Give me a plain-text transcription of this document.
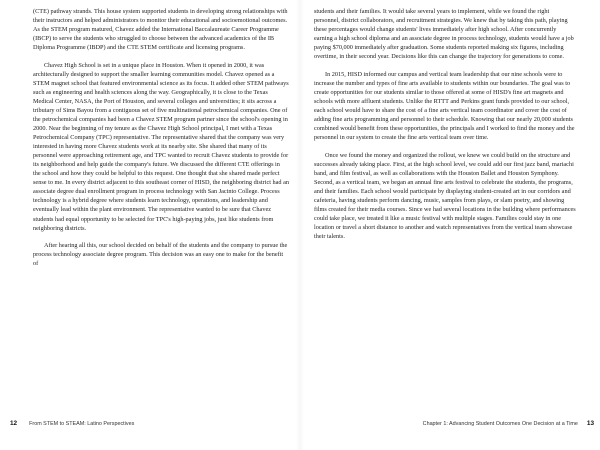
(CTE) pathway strands. This house system supported students in developing strong relationships with their instructors and helped administrators to monitor their educational and socioemotional outcomes. As the STEM program matured, Chavez added the International Baccalaureate Career Programme (IBCP) to serve the students who struggled to choose between the advanced academics of the IB Diploma Programme (IBDP) and the CTE STEM certificate and licensing programs.

Chavez High School is set in a unique place in Houston. When it opened in 2000, it was architecturally designed to support the smaller learning communities model. Chavez opened as a STEM magnet school that featured environmental science as its focus. It added other STEM pathways such as engineering and health sciences along the way. Geographically, it is close to the Texas Medical Center, NASA, the Port of Houston, and several colleges and universities; it sits across a tributary of Sims Bayou from a contiguous set of five multinational petrochemical companies. One of the petrochemical companies had been a Chavez STEM program partner since the school's opening in 2000. Near the beginning of my tenure as the Chavez High School principal, I met with a Texas Petrochemical Company (TPC) representative. The representative shared that the company was very interested in having more Chavez students work at its nearby site. She shared that many of its personnel were approaching retirement age, and TPC wanted to recruit Chavez students to provide for its neighborhood and help guide the company's future. We discussed the different CTE offerings in the school and how they could be helpful to this request. One thought that she shared made perfect sense to me. In every district adjacent to this southeast corner of HISD, the neighboring district had an associate degree dual enrollment program in process technology with San Jacinto College. Process technology is a hybrid degree where students learn technology, operations, and leadership and eventually lead within the plant environment. The representative wanted to be sure that Chavez students had equal opportunity to be selected for TPC's high-paying jobs, just like students from neighboring districts.

After hearing all this, our school decided on behalf of the students and the company to pursue the process technology associate degree program. This decision was an easy one to make for the benefit of

12 From STEM to STEAM: Latino Perspectives

students and their families. It would take several years to implement, while we found the right personnel, district collaborators, and recruitment strategies. We knew that by taking this path, playing these percentages would change students' lives immediately after high school. After concurrently earning a high school diploma and an associate degree in process technology, students would have a job paying $70,000 immediately after graduation. Some students reported making six figures, including overtime, in their second year. Decisions like this can change the trajectory for generations to come.

In 2015, HISD informed our campus and vertical team leadership that our nine schools were to increase the number and types of fine arts available to students within our boundaries. The goal was to create opportunities for our students similar to those offered at some of HISD's fine art magnets and schools with more affluent students. Unlike the RTTT and Perkins grant funds provided to our school, each school would have to share the cost of a fine arts vertical team coordinator and cover the cost of adding fine arts programming and personnel to their schedule. Knowing that our nearly 20,000 students combined would benefit from these opportunities, the principals and I worked to find the money and the personnel in our system to create the fine arts vertical team over time.

Once we found the money and organized the rollout, we knew we could build on the structure and successes already taking place. First, at the high school level, we could add our first jazz band, mariachi band, and film festival, as well as collaborations with the Houston Ballet and Houston Symphony. Second, as a vertical team, we began an annual fine arts festival to celebrate the students, the programs, and their families. Each school would participate by displaying student-created art in our corridors and cafeteria, having students perform dancing, music, samples from plays, or slam poetry, and showing films created for their media courses. Since we had several locations in the building where performances could take place, we treated it like a music festival with multiple stages. Families could stay in one location or travel a short distance to another and watch representatives from the vertical team showcase their talents.

Chapter 1: Advancing Student Outcomes One Decision at a Time 13
